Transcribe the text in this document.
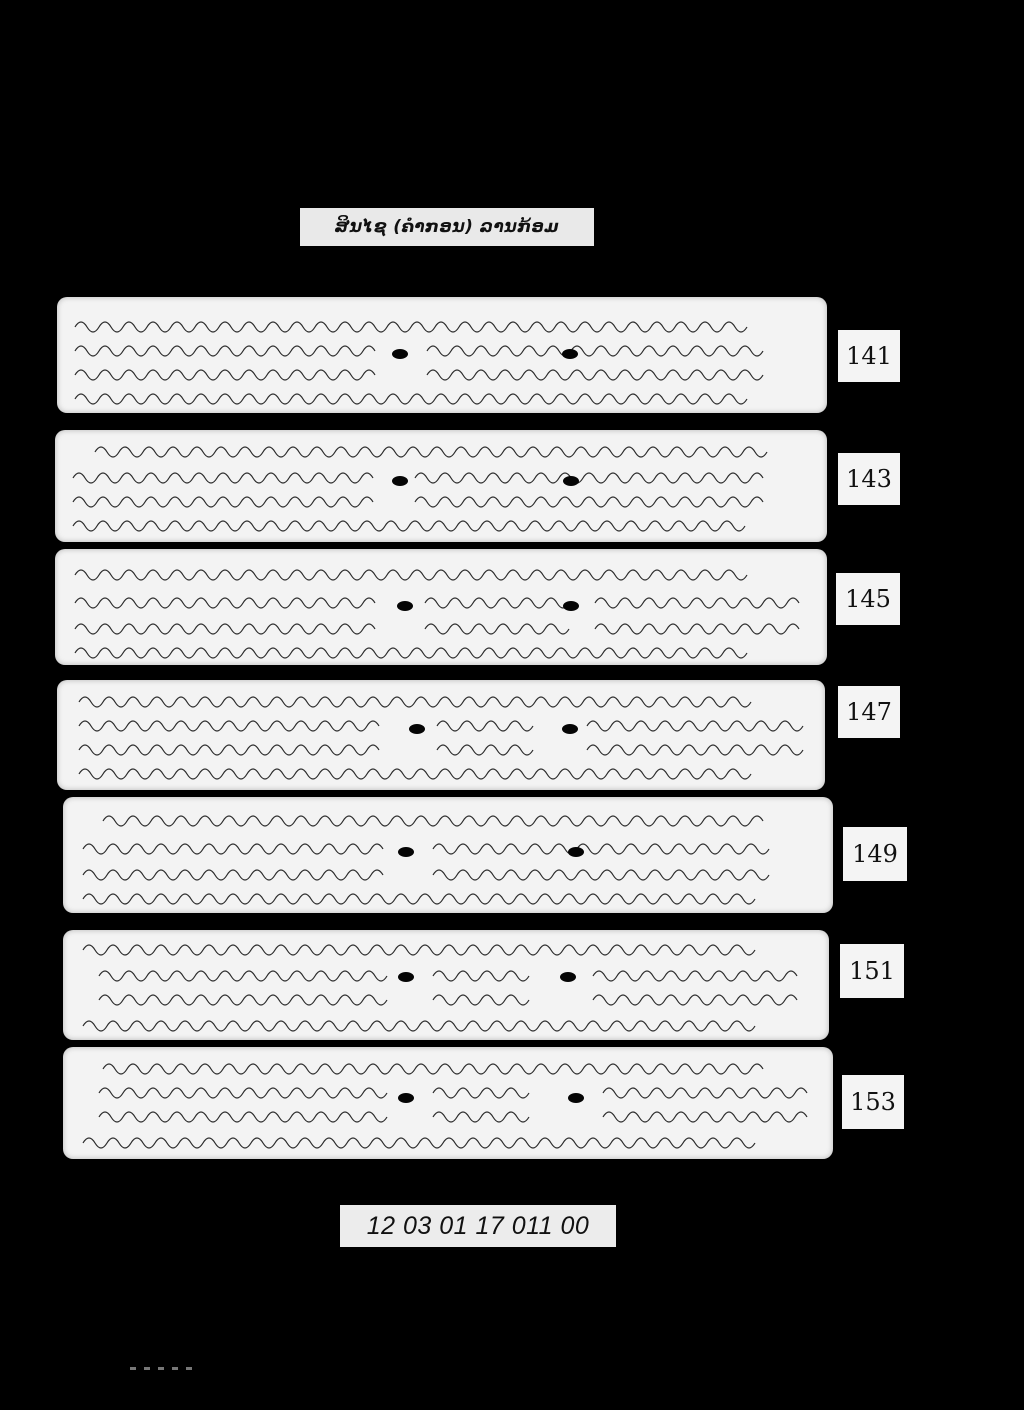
ສິນໄຊ (ຄຳກອນ) ລານກ້ອມ
141
143
145
147
149
151
153
12 03 01 17 011 00
